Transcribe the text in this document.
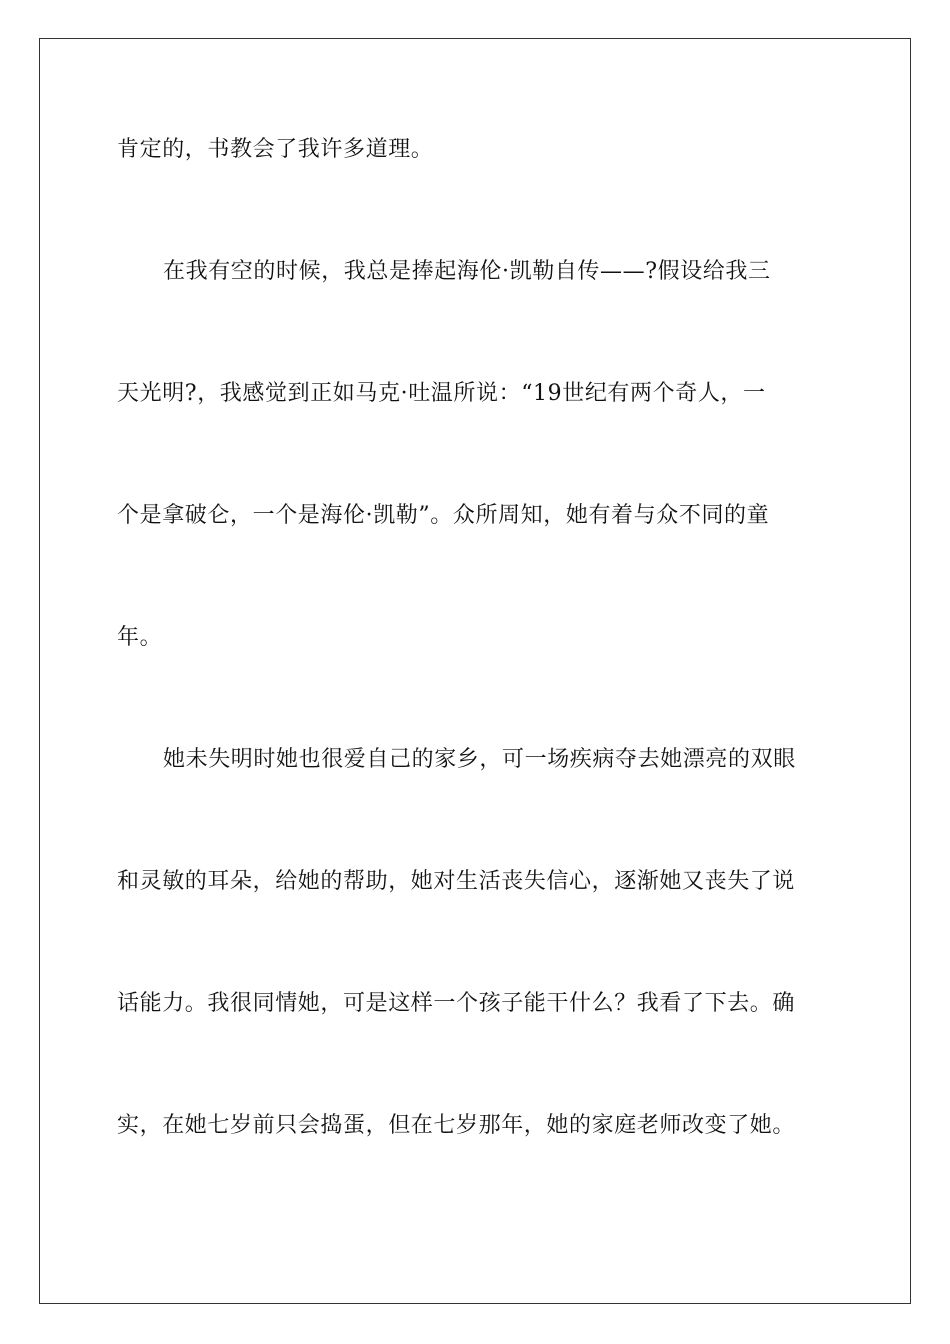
肯定的，书教会了我许多道理。
在我有空的时候，我总是捧起海伦·凯勒自传——?假设给我三
天光明?，我感觉到正如马克·吐温所说：“19世纪有两个奇人，一
个是拿破仑，一个是海伦·凯勒”。众所周知，她有着与众不同的童
年。
她未失明时她也很爱自己的家乡，可一场疾病夺去她漂亮的双眼
和灵敏的耳朵，给她的帮助，她对生活丧失信心，逐渐她又丧失了说
话能力。我很同情她，可是这样一个孩子能干什么？我看了下去。确
实，在她七岁前只会捣蛋，但在七岁那年，她的家庭老师改变了她。
